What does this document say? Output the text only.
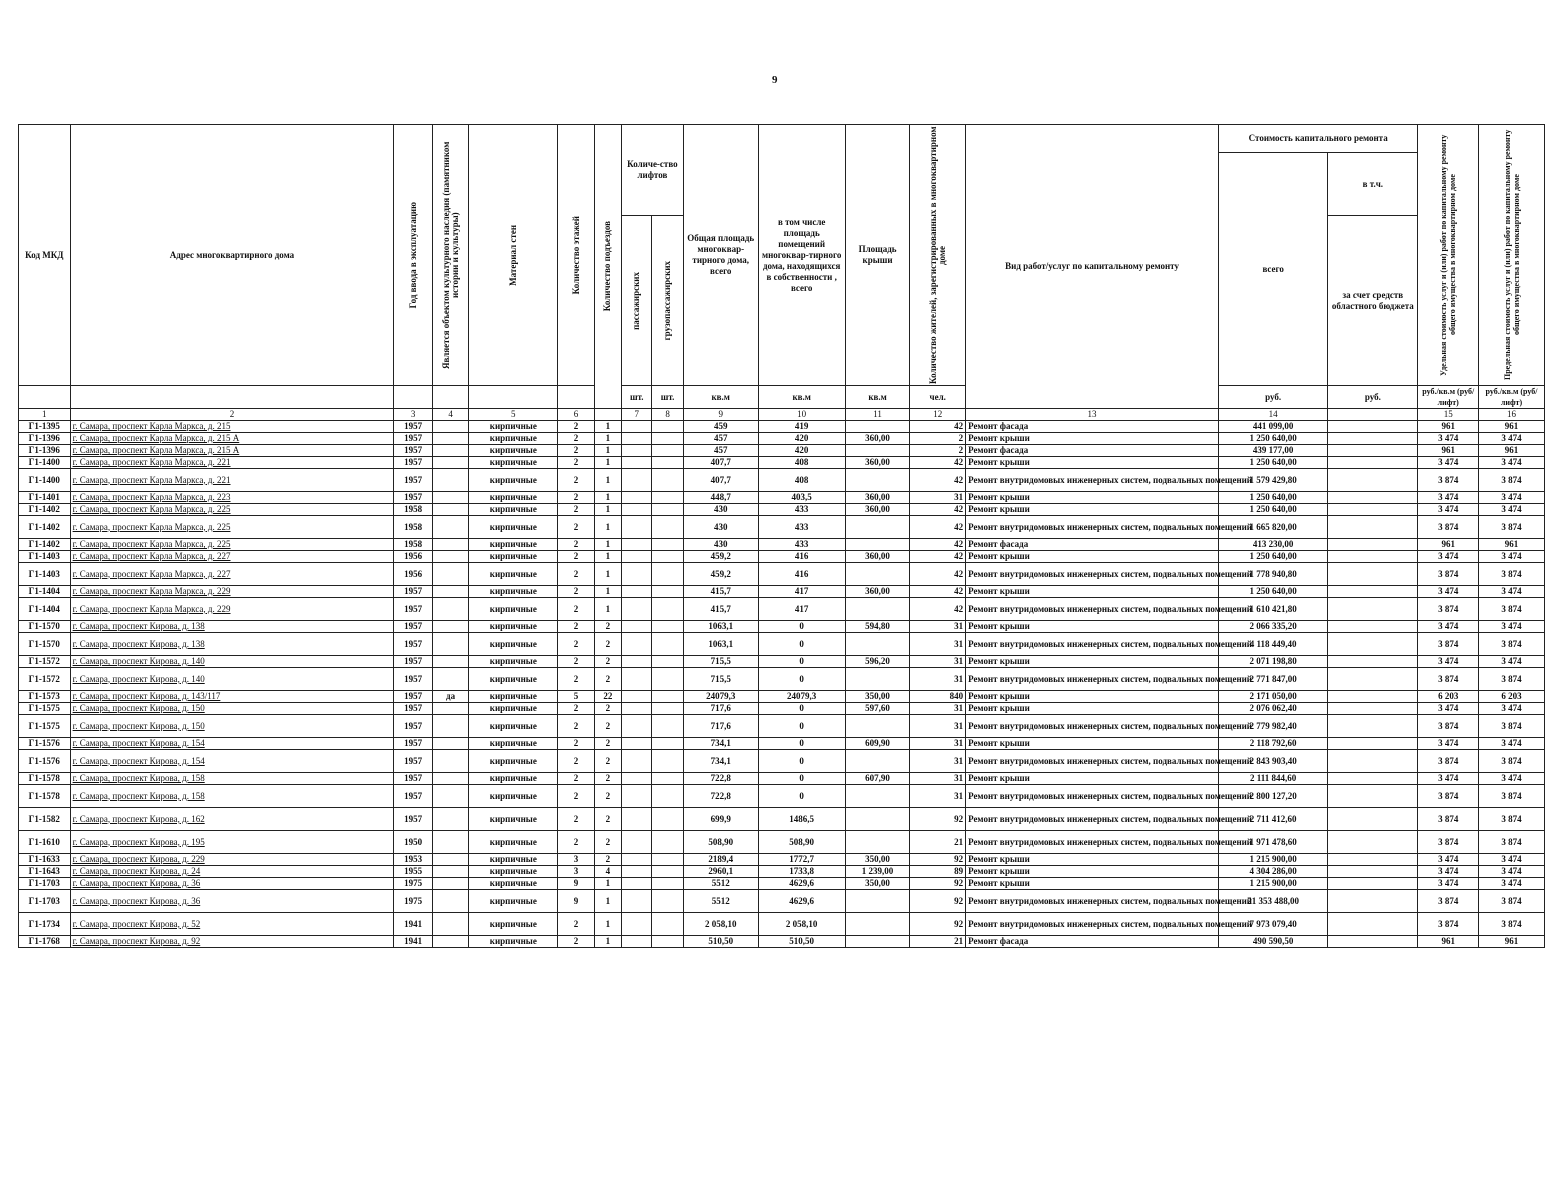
9
Код МКД	Адрес многоквартирного дома	Год ввода в эксплуатацию	Является объектом культурного наследия (памятником истории и культуры)	Материал стен	Количество этажей	Количество подъездов	Количе-ство лифтов		Общая площадь многоквар-тирного дома, всего	в том числе площадь помещений многоквар-тирного дома, находящихся в собственности , всего	Площадь крыши	Количество жителей, зарегистрированных в многоквартирном доме	Вид работ/услуг по капитальному ремонту	Стоимость капитального ремонта		Удельная стоимость услуг и (или) работ по капитальному ремонту общего имущества в многоквартирном доме	Предельная стоимость услуг и (или) работ по капитальному ремонту общего имущества в многоквартирном доме

														всего	в т.ч.		

							пассажирских	грузопассажирских							за счет средств областного бюджета		

							шт.	шт.	кв.м	кв.м	кв.м	чел.		руб.	руб.	руб./кв.м (руб/лифт)	руб./кв.м (руб/лифт)

1	2	3	4	5	6		7	8	9	10	11	12	13	14		15	16
Г1-1395	г. Самара, проспект Карла Маркса, д. 215	1957		кирпичные	2	1			459	419		42	Ремонт фасада	441 099,00		961	961
Г1-1396	г. Самара, проспект Карла Маркса, д. 215 А	1957		кирпичные	2	1			457	420	360,00	2	Ремонт крыши	1 250 640,00		3 474	3 474
Г1-1396	г. Самара, проспект Карла Маркса, д. 215 А	1957		кирпичные	2	1			457	420		2	Ремонт фасада	439 177,00		961	961
Г1-1400	г. Самара, проспект Карла Маркса, д. 221	1957		кирпичные	2	1			407,7	408	360,00	42	Ремонт крыши	1 250 640,00		3 474	3 474
Г1-1400	г. Самара, проспект Карла Маркса, д. 221	1957		кирпичные	2	1			407,7	408		42	Ремонт внутридомовых инженерных систем, подвальных помещений	1 579 429,80		3 874	3 874
Г1-1401	г. Самара, проспект Карла Маркса, д. 223	1957		кирпичные	2	1			448,7	403,5	360,00	31	Ремонт крыши	1 250 640,00		3 474	3 474
Г1-1402	г. Самара, проспект Карла Маркса, д. 225	1958		кирпичные	2	1			430	433	360,00	42	Ремонт крыши	1 250 640,00		3 474	3 474
Г1-1402	г. Самара, проспект Карла Маркса, д. 225	1958		кирпичные	2	1			430	433		42	Ремонт внутридомовых инженерных систем, подвальных помещений	1 665 820,00		3 874	3 874
Г1-1402	г. Самара, проспект Карла Маркса, д. 225	1958		кирпичные	2	1			430	433		42	Ремонт фасада	413 230,00		961	961
Г1-1403	г. Самара, проспект Карла Маркса, д. 227	1956		кирпичные	2	1			459,2	416	360,00	42	Ремонт крыши	1 250 640,00		3 474	3 474
Г1-1403	г. Самара, проспект Карла Маркса, д. 227	1956		кирпичные	2	1			459,2	416		42	Ремонт внутридомовых инженерных систем, подвальных помещений	1 778 940,80		3 874	3 874
Г1-1404	г. Самара, проспект Карла Маркса, д. 229	1957		кирпичные	2	1			415,7	417	360,00	42	Ремонт крыши	1 250 640,00		3 474	3 474
Г1-1404	г. Самара, проспект Карла Маркса, д. 229	1957		кирпичные	2	1			415,7	417		42	Ремонт внутридомовых инженерных систем, подвальных помещений	1 610 421,80		3 874	3 874
Г1-1570	г. Самара, проспект Кирова, д. 138	1957		кирпичные	2	2			1063,1	0	594,80	31	Ремонт крыши	2 066 335,20		3 474	3 474
Г1-1570	г. Самара, проспект Кирова, д. 138	1957		кирпичные	2	2			1063,1	0		31	Ремонт внутридомовых инженерных систем, подвальных помещений	4 118 449,40		3 874	3 874
Г1-1572	г. Самара, проспект Кирова, д. 140	1957		кирпичные	2	2			715,5	0	596,20	31	Ремонт крыши	2 071 198,80		3 474	3 474
Г1-1572	г. Самара, проспект Кирова, д. 140	1957		кирпичные	2	2			715,5	0		31	Ремонт внутридомовых инженерных систем, подвальных помещений	2 771 847,00		3 874	3 874
Г1-1573	г. Самара, проспект Кирова, д. 143/117	1957	да	кирпичные	5	22			24079,3	24079,3	350,00	840	Ремонт крыши	2 171 050,00		6 203	6 203
Г1-1575	г. Самара, проспект Кирова, д. 150	1957		кирпичные	2	2			717,6	0	597,60	31	Ремонт крыши	2 076 062,40		3 474	3 474
Г1-1575	г. Самара, проспект Кирова, д. 150	1957		кирпичные	2	2			717,6	0		31	Ремонт внутридомовых инженерных систем, подвальных помещений	2 779 982,40		3 874	3 874
Г1-1576	г. Самара, проспект Кирова, д. 154	1957		кирпичные	2	2			734,1	0	609,90	31	Ремонт крыши	2 118 792,60		3 474	3 474
Г1-1576	г. Самара, проспект Кирова, д. 154	1957		кирпичные	2	2			734,1	0		31	Ремонт внутридомовых инженерных систем, подвальных помещений	2 843 903,40		3 874	3 874
Г1-1578	г. Самара, проспект Кирова, д. 158	1957		кирпичные	2	2			722,8	0	607,90	31	Ремонт крыши	2 111 844,60		3 474	3 474
Г1-1578	г. Самара, проспект Кирова, д. 158	1957		кирпичные	2	2			722,8	0		31	Ремонт внутридомовых инженерных систем, подвальных помещений	2 800 127,20		3 874	3 874
Г1-1582	г. Самара, проспект Кирова, д. 162	1957		кирпичные	2	2			699,9	1486,5		92	Ремонт внутридомовых инженерных систем, подвальных помещений	2 711 412,60		3 874	3 874
Г1-1610	г. Самара, проспект Кирова, д. 195	1950		кирпичные	2	2			508,90	508,90		21	Ремонт внутридомовых инженерных систем, подвальных помещений	1 971 478,60		3 874	3 874
Г1-1633	г. Самара, проспект Кирова, д. 229	1953		кирпичные	3	2			2189,4	1772,7	350,00	92	Ремонт крыши	1 215 900,00		3 474	3 474
Г1-1643	г. Самара, проспект Кирова, д. 24	1955		кирпичные	3	4			2960,1	1733,8	1 239,00	89	Ремонт крыши	4 304 286,00		3 474	3 474
Г1-1703	г. Самара, проспект Кирова, д. 36	1975		кирпичные	9	1			5512	4629,6	350,00	92	Ремонт крыши	1 215 900,00		3 474	3 474
Г1-1703	г. Самара, проспект Кирова, д. 36	1975		кирпичные	9	1			5512	4629,6		92	Ремонт внутридомовых инженерных систем, подвальных помещений	21 353 488,00		3 874	3 874
Г1-1734	г. Самара, проспект Кирова, д. 52	1941		кирпичные	2	1			2 058,10	2 058,10		92	Ремонт внутридомовых инженерных систем, подвальных помещений	7 973 079,40		3 874	3 874
Г1-1768	г. Самара, проспект Кирова, д. 92	1941		кирпичные	2	1			510,50	510,50		21	Ремонт фасада	490 590,50		961	961
